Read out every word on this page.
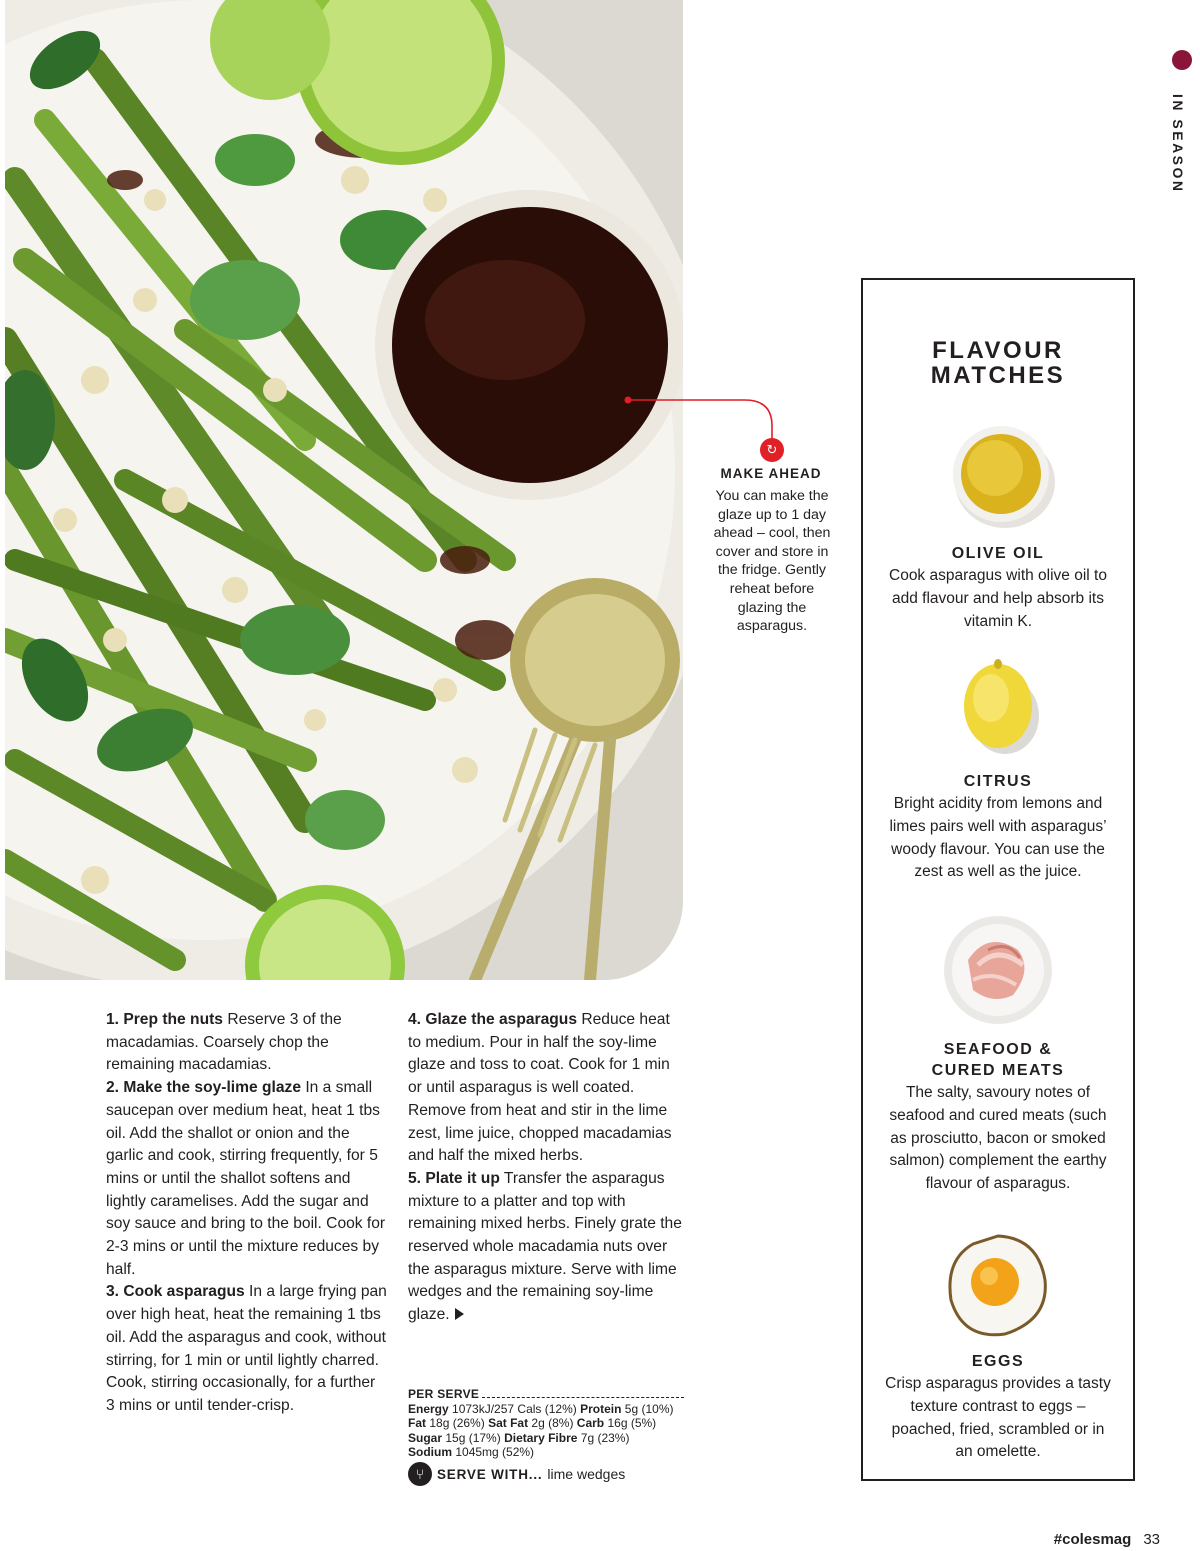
IN SEASON
↻
MAKE AHEAD
You can make the glaze up to 1 day ahead – cool, then cover and store in the fridge. Gently reheat before glazing the asparagus.
FLAVOUR
MATCHES
OLIVE OIL
Cook asparagus with olive oil to add flavour and help absorb its vitamin K.
CITRUS
Bright acidity from lemons and limes pairs well with asparagus’ woody flavour. You can use the zest as well as the juice.
SEAFOOD &
CURED MEATS
The salty, savoury notes of seafood and cured meats (such as prosciutto, bacon or smoked salmon) complement the earthy flavour of asparagus.
EGGS
Crisp asparagus provides a tasty texture contrast to eggs – poached, fried, scrambled or in an omelette.

1. Prep the nuts Reserve 3 of the macadamias. Coarsely chop the remaining macadamias.

2. Make the soy-lime glaze In a small saucepan over medium heat, heat 1 tbs oil. Add the shallot or onion and the garlic and cook, stirring frequently, for 5 mins or until the shallot softens and lightly caramelises. Add the sugar and soy sauce and bring to the boil. Cook for 2-3 mins or until the mixture reduces by half.

3. Cook asparagus In a large frying pan over high heat, heat the remaining 1 tbs oil. Add the asparagus and cook, without stirring, for 1 min or until lightly charred. Cook, stirring occasionally, for a further 3 mins or until tender-crisp.

4. Glaze the asparagus Reduce heat to medium. Pour in half the soy-lime glaze and toss to coat. Cook for 1 min or until asparagus is well coated. Remove from heat and stir in the lime zest, lime juice, chopped macadamias and half the mixed herbs.

5. Plate it up Transfer the asparagus mixture to a platter and top with remaining mixed herbs. Finely grate the reserved whole macadamia nuts over the asparagus mixture. Serve with lime wedges and the remaining soy-lime glaze.

PER SERVE
Energy 1073kJ/257 Cals (12%) Protein 5g (10%)
Fat 18g (26%) Sat Fat 2g (8%) Carb 16g (5%)
Sugar 15g (17%) Dietary Fibre 7g (23%)
Sodium 1045mg (52%)
⑂ SERVE WITH... lime wedges
#colesmag 33
